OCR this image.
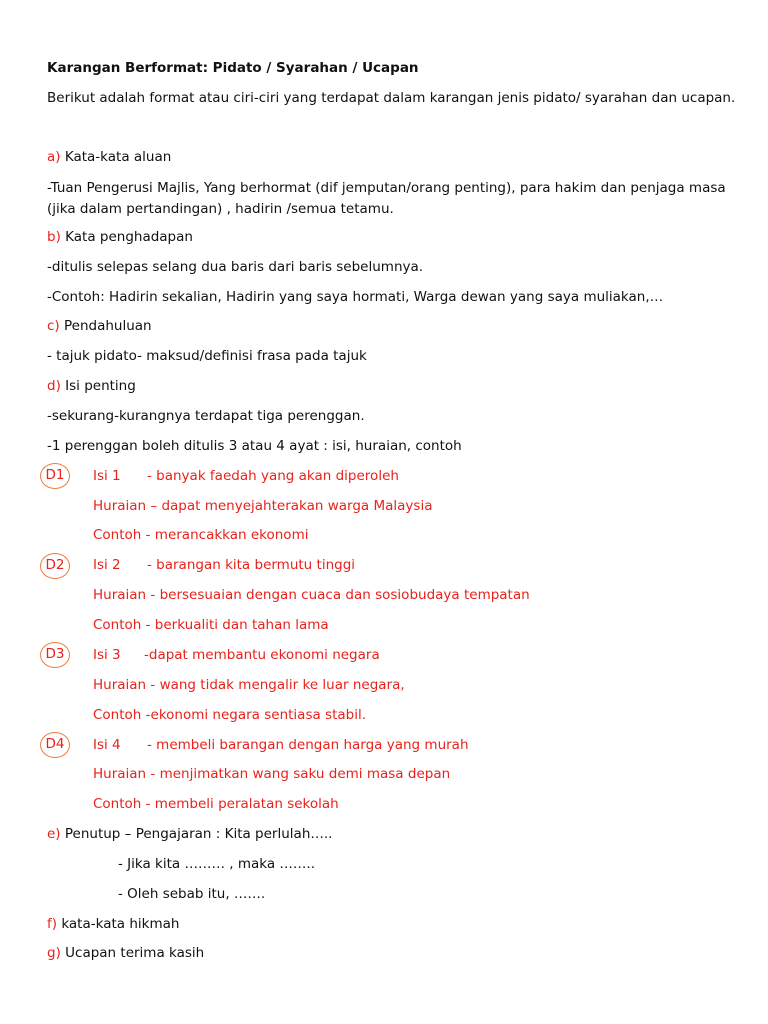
Karangan Berformat: Pidato / Syarahan / Ucapan
Berikut adalah format atau ciri-ciri yang terdapat dalam karangan jenis pidato/ syarahan dan ucapan.
a) Kata-kata aluan
-Tuan Pengerusi Majlis, Yang berhormat (dif jemputan/orang penting), para hakim dan penjaga masa (jika dalam pertandingan) , hadirin /semua tetamu.
b) Kata penghadapan
-ditulis selepas selang dua baris dari baris sebelumnya.
-Contoh: Hadirin sekalian, Hadirin yang saya hormati, Warga dewan yang saya muliakan,…
c) Pendahuluan
- tajuk pidato- maksud/definisi frasa pada tajuk
d) Isi penting
-sekurang-kurangnya terdapat tiga perenggan.
-1 perenggan boleh ditulis 3 atau 4 ayat : isi, huraian, contoh
D1	Isi 1 - banyak faedah yang akan diperoleh
Huraian – dapat menyejahterakan warga Malaysia
Contoh - merancakkan ekonomi
D2	Isi 2 - barangan kita bermutu tinggi
Huraian - bersesuaian dengan cuaca dan sosiobudaya tempatan
Contoh - berkualiti dan tahan lama
D3	Isi 3 -dapat membantu ekonomi negara
Huraian - wang tidak mengalir ke luar negara,
Contoh -ekonomi negara sentiasa stabil.
D4	Isi 4 - membeli barangan dengan harga yang murah
Huraian - menjimatkan wang saku demi masa depan
Contoh - membeli peralatan sekolah
e) Penutup – Pengajaran : Kita perlulah…..
- Jika kita ……… , maka ……..
- Oleh sebab itu, …….
f) kata-kata hikmah
g) Ucapan terima kasih
